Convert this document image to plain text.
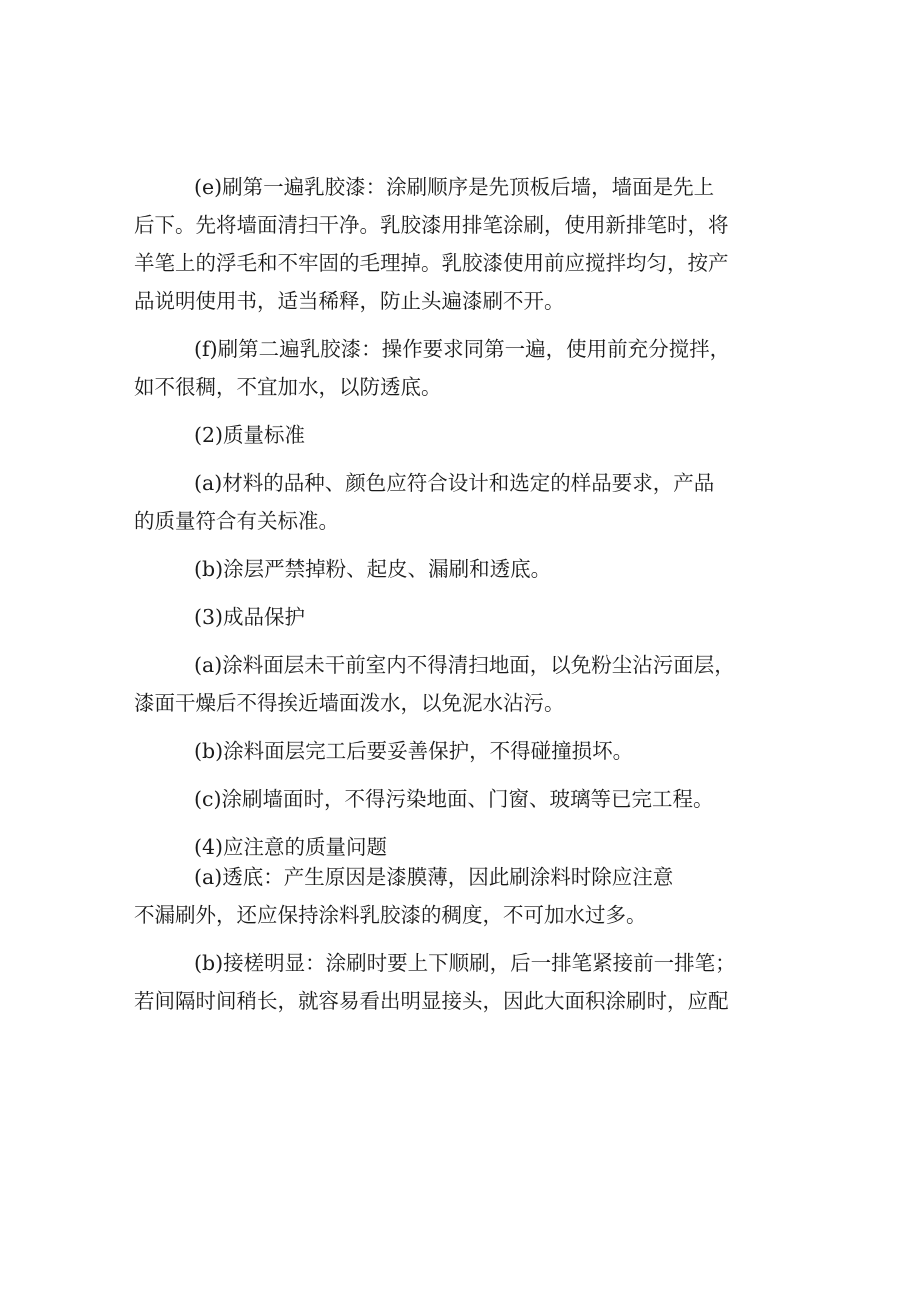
(e)刷第一遍乳胶漆：涂刷顺序是先顶板后墙，墙面是先上
后下。先将墙面清扫干净。乳胶漆用排笔涂刷，使用新排笔时，将
羊笔上的浮毛和不牢固的毛理掉。乳胶漆使用前应搅拌均匀，按产
品说明使用书，适当稀释，防止头遍漆刷不开。
(f)刷第二遍乳胶漆：操作要求同第一遍，使用前充分搅拌，
如不很稠，不宜加水，以防透底。
(2)质量标准
(a)材料的品种、颜色应符合设计和选定的样品要求，产品
的质量符合有关标准。
(b)涂层严禁掉粉、起皮、漏刷和透底。
(3)成品保护
(a)涂料面层未干前室内不得清扫地面，以免粉尘沾污面层，
漆面干燥后不得挨近墙面泼水，以免泥水沾污。
(b)涂料面层完工后要妥善保护，不得碰撞损坏。
(c)涂刷墙面时，不得污染地面、门窗、玻璃等已完工程。
(4)应注意的质量问题
(a)透底：产生原因是漆膜薄，因此刷涂料时除应注意
不漏刷外，还应保持涂料乳胶漆的稠度，不可加水过多。
(b)接槎明显：涂刷时要上下顺刷，后一排笔紧接前一排笔；
若间隔时间稍长，就容易看出明显接头，因此大面积涂刷时，应配
